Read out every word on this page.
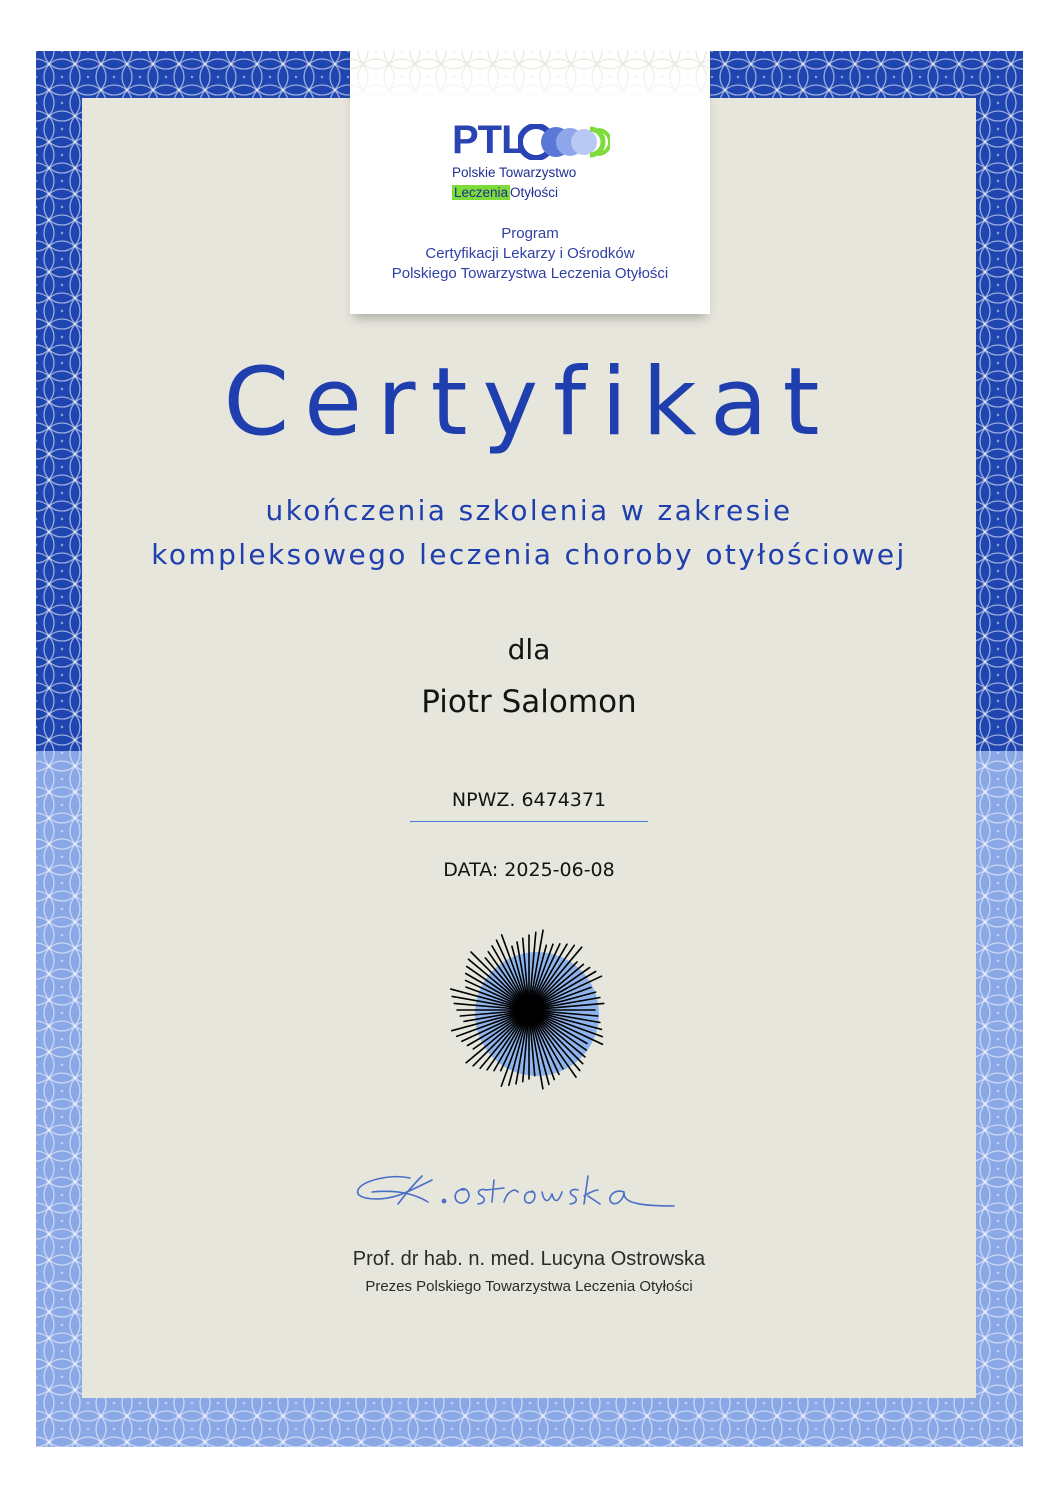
PTL
Polskie Towarzystwo
Leczenia Otyłości
Program
Certyfikacji Lekarzy i Ośrodków
Polskiego Towarzystwa Leczenia Otyłości
Certyfikat
ukończenia szkolenia w zakresie
kompleksowego leczenia choroby otyłościowej
dla
Piotr Salomon
NPWZ. 6474371
DATA: 2025-06-08
Prof. dr hab. n. med. Lucyna Ostrowska
Prezes Polskiego Towarzystwa Leczenia Otyłości
